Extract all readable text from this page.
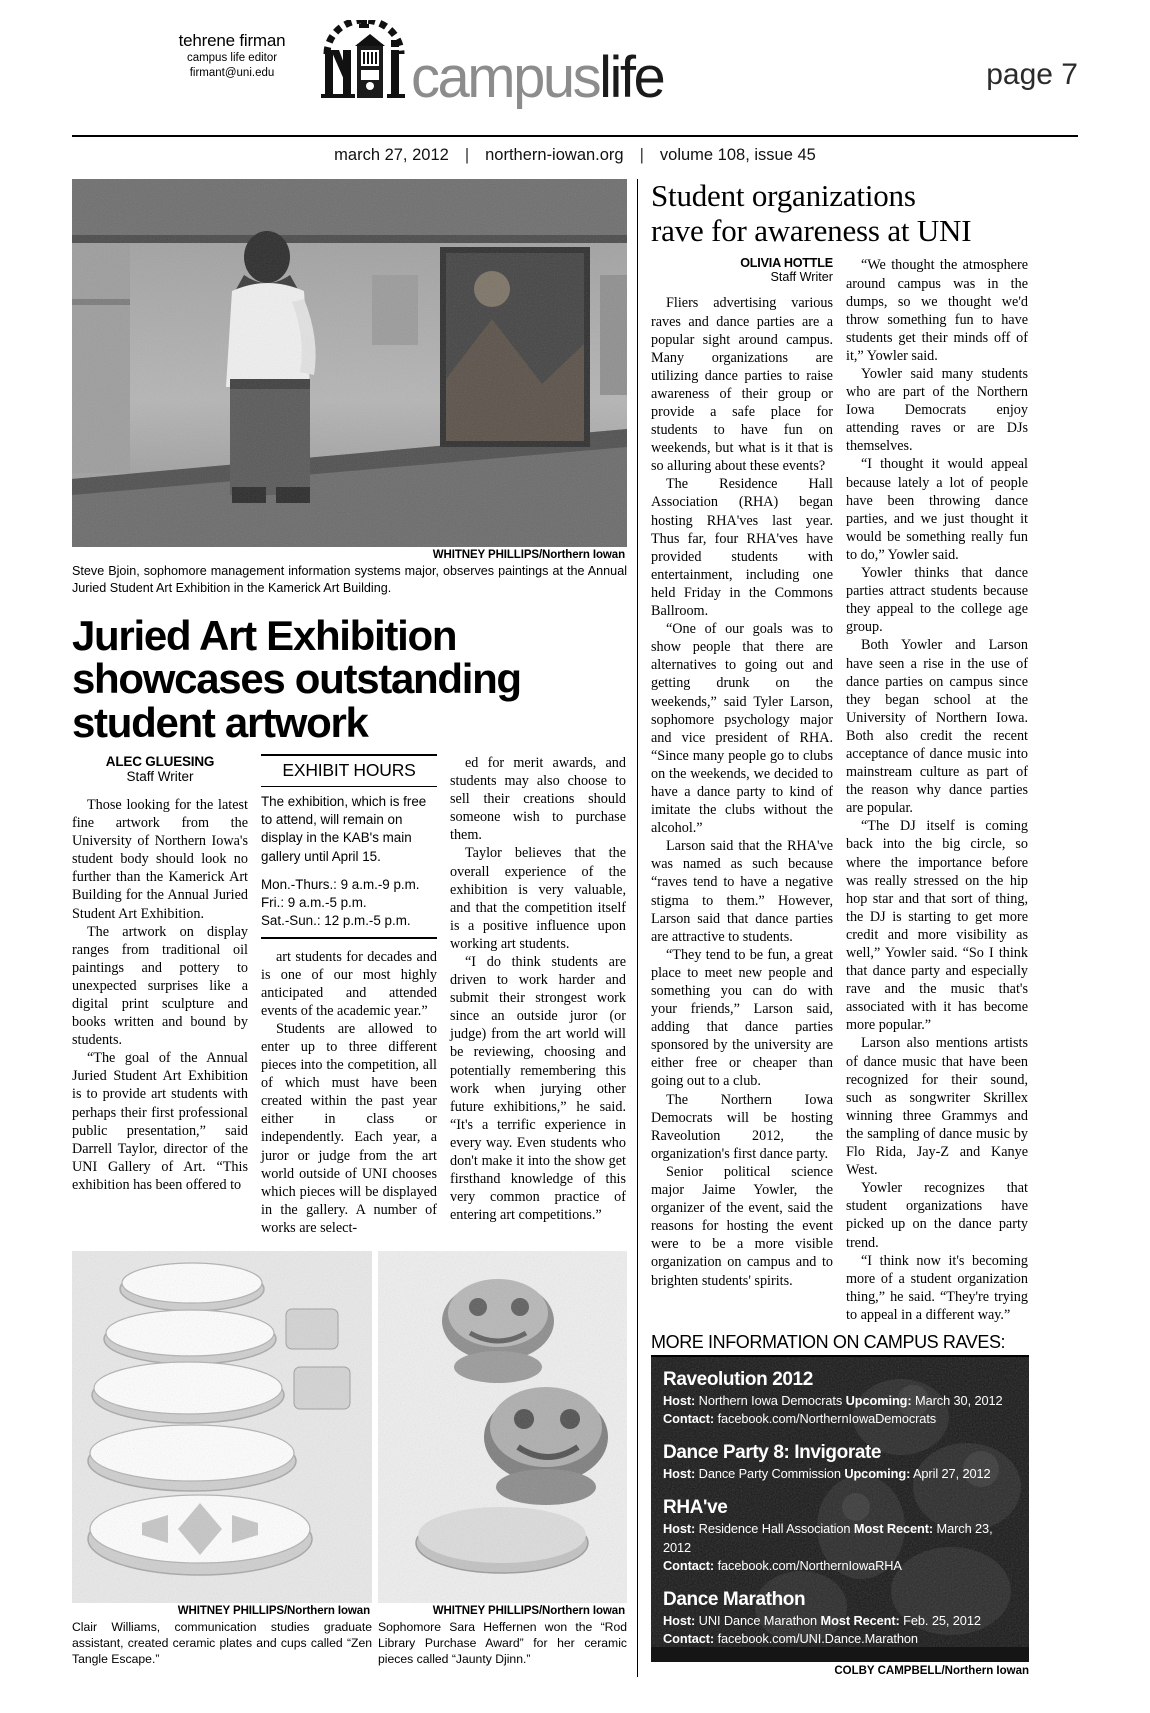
tehrene firman
campus life editor
firmant@uni.edu	campuslife	page 7
march 27, 2012 | northern-iowan.org | volume 108, issue 45
WHITNEY PHILLIPS/Northern Iowan
Steve Bjoin, sophomore management information systems major, observes paintings at the Annual Juried Student Art Exhibition in the Kamerick Art Building.
Juried Art Exhibition showcases outstanding student artwork
ALEC GLUESING
Staff Writer

Those looking for the latest fine artwork from the University of Northern Iowa's student body should look no further than the Kamerick Art Building for the Annual Juried Student Art Exhibition.

The artwork on display ranges from traditional oil paintings and pottery to unexpected surprises like a digital print sculpture and books written and bound by students.

“The goal of the Annual Juried Student Art Exhibition is to provide art students with perhaps their first professional public presentation,” said Darrell Taylor, director of the UNI Gallery of Art. “This exhibition has been offered to

EXHIBIT HOURS
The exhibition, which is free to attend, will remain on display in the KAB's main gallery until April 15.
Mon.-Thurs.: 9 a.m.-9 p.m.
Fri.: 9 a.m.-5 p.m.
Sat.-Sun.: 12 p.m.-5 p.m.

art students for decades and is one of our most highly anticipated and attended events of the academic year.”

Students are allowed to enter up to three different pieces into the competition, all of which must have been created within the past year either in class or independently. Each year, a juror or judge from the art world outside of UNI chooses which pieces will be displayed in the gallery. A number of works are select-

ed for merit awards, and students may also choose to sell their creations should someone wish to purchase them.

Taylor believes that the overall experience of the exhibition is very valuable, and that the competition itself is a positive influence upon working art students.

“I do think students are driven to work harder and submit their strongest work since an outside juror (or judge) from the art world will be reviewing, choosing and potentially remembering this work when jurying other future exhibitions,” he said. “It's a terrific experience in every way. Even students who don't make it into the show get firsthand knowledge of this very common practice of entering art competitions.”

WHITNEY PHILLIPS/Northern Iowan
Clair Williams, communication studies graduate assistant, created ceramic plates and cups called “Zen Tangle Escape.”
WHITNEY PHILLIPS/Northern Iowan
Sophomore Sara Heffernen won the “Rod Library Purchase Award” for her ceramic pieces called “Jaunty Djinn.”
Student organizations
rave for awareness at UNI
OLIVIA HOTTLE
Staff Writer

Fliers advertising various raves and dance parties are a popular sight around campus. Many organizations are utilizing dance parties to raise awareness of their group or provide a safe place for students to have fun on weekends, but what is it that is so alluring about these events?

The Residence Hall Association (RHA) began hosting RHA'ves last year. Thus far, four RHA'ves have provided students with entertainment, including one held Friday in the Commons Ballroom.

“One of our goals was to show people that there are alternatives to going out and getting drunk on the weekends,” said Tyler Larson, sophomore psychology major and vice president of RHA. “Since many people go to clubs on the weekends, we decided to have a dance party to kind of imitate the clubs without the alcohol.”

Larson said that the RHA've was named as such because “raves tend to have a negative stigma to them.” However, Larson said that dance parties are attractive to students.

“They tend to be fun, a great place to meet new people and something you can do with your friends,” Larson said, adding that dance parties sponsored by the university are either free or cheaper than going out to a club.

The Northern Iowa Democrats will be hosting Raveolution 2012, the organization's first dance party.

Senior political science major Jaime Yowler, the organizer of the event, said the reasons for hosting the event were to be a more visible organization on campus and to brighten students' spirits.

“We thought the atmosphere around campus was in the dumps, so we thought we'd throw something fun to have students get their minds off of it,” Yowler said.

Yowler said many students who are part of the Northern Iowa Democrats enjoy attending raves or are DJs themselves.

“I thought it would appeal because lately a lot of people have been throwing dance parties, and we just thought it would be something really fun to do,” Yowler said.

Yowler thinks that dance parties attract students because they appeal to the college age group.

Both Yowler and Larson have seen a rise in the use of dance parties on campus since they began school at the University of Northern Iowa. Both also credit the recent acceptance of dance music into mainstream culture as part of the reason why dance parties are popular.

“The DJ itself is coming back into the big circle, so where the importance before was really stressed on the hip hop star and that sort of thing, the DJ is starting to get more credit and more visibility as well,” Yowler said. “So I think that dance party and especially rave and the music that's associated with it has become more popular.”

Larson also mentions artists of dance music that have been recognized for their sound, such as songwriter Skrillex winning three Grammys and the sampling of dance music by Flo Rida, Jay-Z and Kanye West.

Yowler recognizes that student organizations have picked up on the dance party trend.

“I think now it's becoming more of a student organization thing,” he said. “They're trying to appeal in a different way.”

MORE INFORMATION ON CAMPUS RAVES:
Raveolution 2012
Host: Northern Iowa Democrats Upcoming: March 30, 2012
Contact: facebook.com/NorthernIowaDemocrats
Dance Party 8: Invigorate
Host: Dance Party Commission Upcoming: April 27, 2012
RHA've
Host: Residence Hall Association Most Recent: March 23, 2012
Contact: facebook.com/NorthernIowaRHA
Dance Marathon
Host: UNI Dance Marathon Most Recent: Feb. 25, 2012
Contact: facebook.com/UNI.Dance.Marathon
COLBY CAMPBELL/Northern Iowan
